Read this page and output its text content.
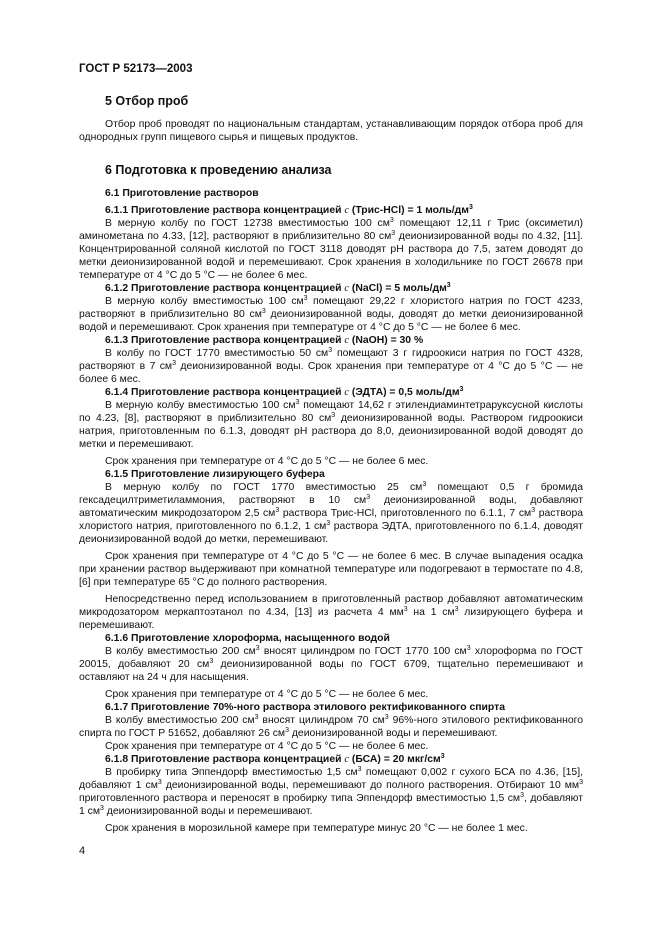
ГОСТ Р 52173—2003
5 Отбор проб

Отбор проб проводят по национальным стандартам, устанавливающим порядок отбора проб для однородных групп пищевого сырья и пищевых продуктов.

6 Подготовка к проведению анализа
6.1 Приготовление растворов
6.1.1 Приготовление раствора концентрацией c (Трис-HCl) = 1 моль/$дм^3$

В мерную колбу по ГОСТ 12738 вместимостью 100 $см^3$ помещают 12,11 г Трис (оксиметил) аминометана по 4.33, [12], растворяют в приблизительно 80 $см^3$ деионизированной воды по 4.32, [11]. Концентрированной соляной кислотой по ГОСТ 3118 доводят pH раствора до 7,5, затем доводят до метки деионизированной водой и перемешивают. Срок хранения в холодильнике по ГОСТ 26678 при температуре от 4 °С до 5 °С — не более 6 мес.

6.1.2 Приготовление раствора концентрацией c (NaCl) = 5 моль/$дм^3$

В мерную колбу вместимостью 100 $см^3$ помещают 29,22 г хлористого натрия по ГОСТ 4233, растворяют в приблизительно 80 $см^3$ деионизированной воды, доводят до метки деионизированной водой и перемешивают. Срок хранения при температуре от 4 °С до 5 °С — не более 6 мес.

6.1.3 Приготовление раствора концентрацией c (NaOH) = 30 %

В колбу по ГОСТ 1770 вместимостью 50 $см^3$ помещают 3 г гидроокиси натрия по ГОСТ 4328, растворяют в 7 $см^3$ деионизированной воды. Срок хранения при температуре от 4 °С до 5 °С — не более 6 мес.

6.1.4 Приготовление раствора концентрацией c (ЭДТА) = 0,5 моль/$дм^3$

В мерную колбу вместимостью 100 $см^3$ помещают 14,62 г этилендиаминтетраруксусной кислоты по 4.23, [8], растворяют в приблизительно 80 $см^3$ деионизированной воды. Раствором гидроокиси натрия, приготовленным по 6.1.3, доводят pH раствора до 8,0, деионизированной водой доводят до метки и перемешивают.

Срок хранения при температуре от 4 °С до 5 °С — не более 6 мес.

6.1.5 Приготовление лизирующего буфера

В мерную колбу по ГОСТ 1770 вместимостью 25 $см^3$ помещают 0,5 г бромида гексадецилтриметиламмония, растворяют в 10 $см^3$ деионизированной воды, добавляют автоматическим микродозатором 2,5 $см^3$ раствора Трис-HCl, приготовленного по 6.1.1, 7 $см^3$ раствора хлористого натрия, приготовленного по 6.1.2, 1 $см^3$ раствора ЭДТА, приготовленного по 6.1.4, доводят деионизированной водой до метки, перемешивают.

Срок хранения при температуре от 4 °С до 5 °С — не более 6 мес. В случае выпадения осадка при хранении раствор выдерживают при комнатной температуре или подогревают в термостате по 4.8, [6] при температуре 65 °С до полного растворения.

Непосредственно перед использованием в приготовленный раствор добавляют автоматическим микродозатором меркаптоэтанол по 4.34, [13] из расчета 4 $мм^3$ на 1 $см^3$ лизирующего буфера и перемешивают.

6.1.6 Приготовление хлороформа, насыщенного водой

В колбу вместимостью 200 $см^3$ вносят цилиндром по ГОСТ 1770 100 $см^3$ хлороформа по ГОСТ 20015, добавляют 20 $см^3$ деионизированной воды по ГОСТ 6709, тщательно перемешивают и оставляют на 24 ч для насыщения.

Срок хранения при температуре от 4 °С до 5 °С — не более 6 мес.

6.1.7 Приготовление 70%-ного раствора этилового ректификованного спирта

В колбу вместимостью 200 $см^3$ вносят цилиндром 70 $см^3$ 96%-ного этилового ректификованного спирта по ГОСТ Р 51652, добавляют 26 $см^3$ деионизированной воды и перемешивают.

Срок хранения при температуре от 4 °С до 5 °С — не более 6 мес.

6.1.8 Приготовление раствора концентрацией c (БСА) = 20 мкг/$см^3$

В пробирку типа Эппендорф вместимостью 1,5 $см^3$ помещают 0,002 г сухого БСА по 4.36, [15], добавляют 1 $см^3$ деионизированной воды, перемешивают до полного растворения. Отбирают 10 $мм^3$ приготовленного раствора и переносят в пробирку типа Эппендорф вместимостью 1,5 $см^3$, добавляют 1 $см^3$ деионизированной воды и перемешивают.

Срок хранения в морозильной камере при температуре минус 20 °С — не более 1 мес.

4
